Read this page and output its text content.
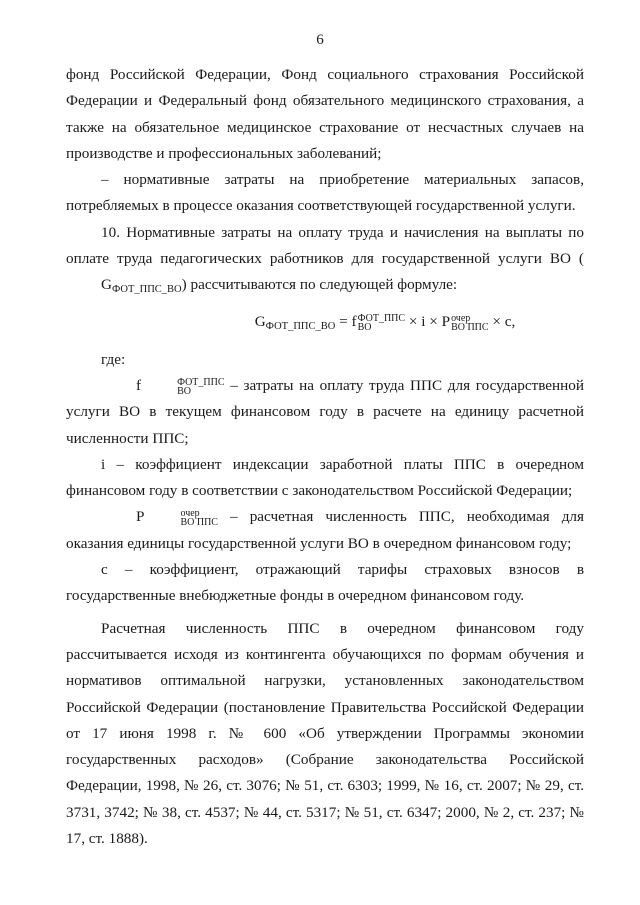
6

фонд Российской Федерации, Фонд социального страхования Российской Федерации и Федеральный фонд обязательного медицинского страхования, а также на обязательное медицинское страхование от несчастных случаев на производстве и профессиональных заболеваний;

– нормативные затраты на приобретение материальных запасов, потребляемых в процессе оказания соответствующей государственной услуги.

10. Нормативные затраты на оплату труда и начисления на выплаты по оплате труда педагогических работников для государственной услуги ВО $(G_{ФОТ\_ППС\_ВО})$ рассчитываются по следующей формуле:

$G_{ФОТ\_ППС\_ВО} = f$ ФОТ_ППС
ВО	× i × P очер
ВО ППС × c,

где:

f	ФОТ_ППС
ВО	– затраты на оплату труда ППС для государственной услуги ВО в текущем финансовом году в расчете на единицу расчетной численности ППС;

i – коэффициент индексации заработной платы ППС в очередном финансовом году в соответствии с законодательством Российской Федерации;

P	очер
ВО ППС – расчетная численность ППС, необходимая для оказания единицы государственной услуги ВО в очередном финансовом году;

c – коэффициент, отражающий тарифы страховых взносов в государственные внебюджетные фонды в очередном финансовом году.

Расчетная численность ППС в очередном финансовом году рассчитывается исходя из контингента обучающихся по формам обучения и нормативов оптимальной нагрузки, установленных законодательством Российской Федерации (постановление Правительства Российской Федерации от 17 июня 1998 г. № 600 «Об утверждении Программы экономии государственных расходов» (Собрание законодательства Российской Федерации, 1998, № 26, ст. 3076; № 51, ст. 6303; 1999, № 16, ст. 2007; № 29, ст. 3731, 3742; № 38, ст. 4537; № 44, ст. 5317; № 51, ст. 6347; 2000, № 2, ст. 237; № 17, ст. 1888).
